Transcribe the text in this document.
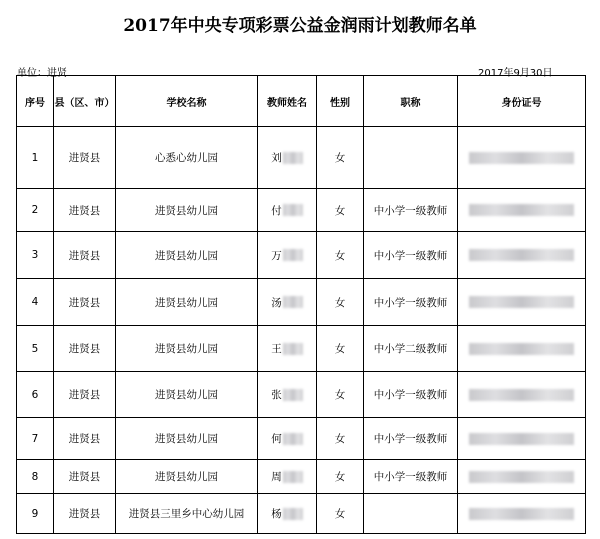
2017年中央专项彩票公益金润雨计划教师名单
单位：进贤	2017年9月30日
序号	县（区、市）	学校名称	教师姓名	性别	职称	身份证号
1	进贤县	心悉心幼儿园	刘	女		
2	进贤县	进贤县幼儿园	付	女	中小学一级教师	
3	进贤县	进贤县幼儿园	万	女	中小学一级教师	
4	进贤县	进贤县幼儿园	汤	女	中小学一级教师	
5	进贤县	进贤县幼儿园	王	女	中小学二级教师	
6	进贤县	进贤县幼儿园	张	女	中小学一级教师	
7	进贤县	进贤县幼儿园	何	女	中小学一级教师	
8	进贤县	进贤县幼儿园	周	女	中小学一级教师	
9	进贤县	进贤县三里乡中心幼儿园	杨	女		
